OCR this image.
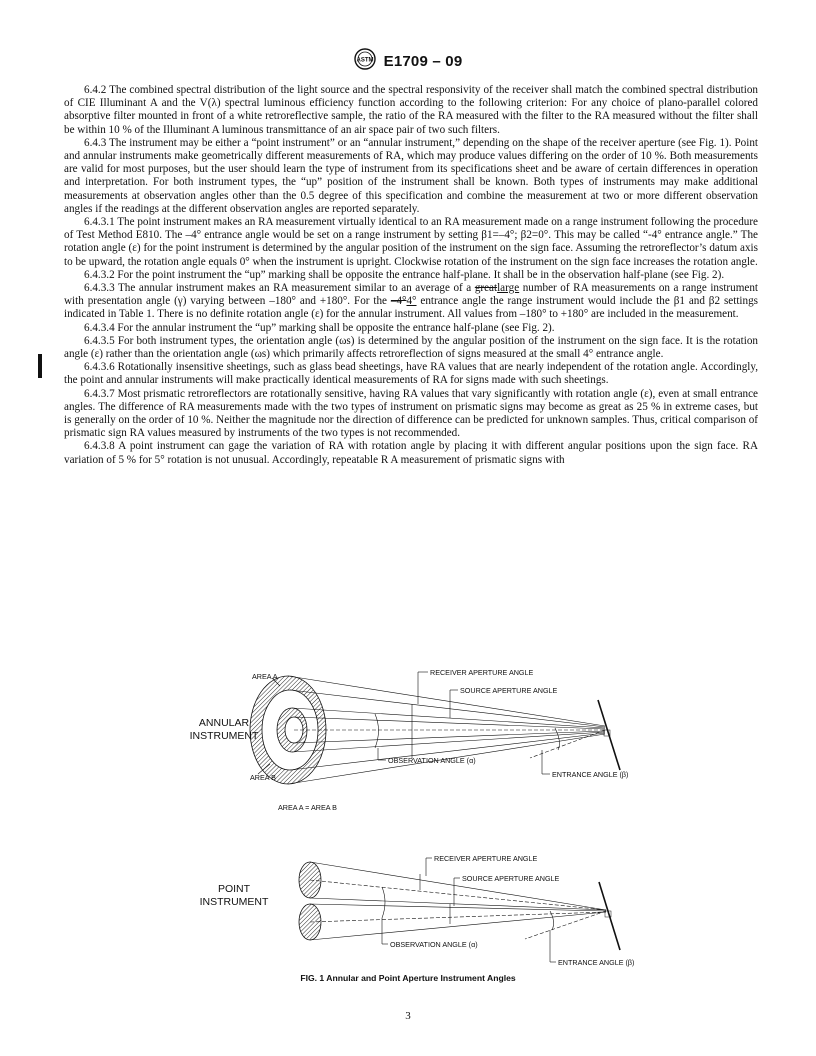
ASTM E1709 – 09

6.4.2 The combined spectral distribution of the light source and the spectral responsivity of the receiver shall match the combined spectral distribution of CIE Illuminant A and the V(λ) spectral luminous efficiency function according to the following criterion: For any choice of plano-parallel colored absorptive filter mounted in front of a white retroreflective sample, the ratio of the RA measured with the filter to the RA measured without the filter shall be within 10 % of the Illuminant A luminous transmittance of an air space pair of two such filters.

6.4.3 The instrument may be either a “point instrument” or an “annular instrument,” depending on the shape of the receiver aperture (see Fig. 1). Point and annular instruments make geometrically different measurements of RA, which may produce values differing on the order of 10 %. Both measurements are valid for most purposes, but the user should learn the type of instrument from its specifications sheet and be aware of certain differences in operation and interpretation. For both instrument types, the “up” position of the instrument shall be known. Both types of instruments may make additional measurements at observation angles other than the 0.5 degree of this specification and combine the measurement at two or more different observation angles if the readings at the different observation angles are reported separately.

6.4.3.1 The point instrument makes an RA measurement virtually identical to an RA measurement made on a range instrument following the procedure of Test Method E810. The –4° entrance angle would be set on a range instrument by setting β1=–4°; β2=0°. This may be called “-4° entrance angle.” The rotation angle (ε) for the point instrument is determined by the angular position of the instrument on the sign face. Assuming the retroreflector’s datum axis to be upward, the rotation angle equals 0° when the instrument is upright. Clockwise rotation of the instrument on the sign face increases the rotation angle.

6.4.3.2 For the point instrument the “up” marking shall be opposite the entrance half-plane. It shall be in the observation half-plane (see Fig. 2).

6.4.3.3 The annular instrument makes an RA measurement similar to an average of a greatlarge number of RA measurements on a range instrument with presentation angle (γ) varying between –180° and +180°. For the –4°4° entrance angle the range instrument would include the β1 and β2 settings indicated in Table 1. There is no definite rotation angle (ε) for the annular instrument. All values from –180° to +180° are included in the measurement.

6.4.3.4 For the annular instrument the “up” marking shall be opposite the entrance half-plane (see Fig. 2).

6.4.3.5 For both instrument types, the orientation angle (ωs) is determined by the angular position of the instrument on the sign face. It is the rotation angle (ε) rather than the orientation angle (ωs) which primarily affects retroreflection of signs measured at the small 4° entrance angle.

6.4.3.6 Rotationally insensitive sheetings, such as glass bead sheetings, have RA values that are nearly independent of the rotation angle. Accordingly, the point and annular instruments will make practically identical measurements of RA for signs made with such sheetings.

6.4.3.7 Most prismatic retroreflectors are rotationally sensitive, having RA values that vary significantly with rotation angle (ε), even at small entrance angles. The difference of RA measurements made with the two types of instrument on prismatic signs may become as great as 25 % in extreme cases, but is generally on the order of 10 %. Neither the magnitude nor the direction of difference can be predicted for unknown samples. Thus, critical comparison of prismatic sign RA values measured by instruments of the two types is not recommended.

6.4.3.8 A point instrument can gage the variation of RA with rotation angle by placing it with different angular positions upon the sign face. RA variation of 5 % for 5° rotation is not unusual. Accordingly, repeatable R A measurement of prismatic signs with

AREA A
AREA B
AREA A = AREA B
ANNULAR
INSTRUMENT
RECEIVER APERTURE ANGLE
SOURCE APERTURE ANGLE
OBSERVATION ANGLE (α)
ENTRANCE ANGLE (β)
POINT
INSTRUMENT
RECEIVER APERTURE ANGLE
SOURCE APERTURE ANGLE
OBSERVATION ANGLE (α)
ENTRANCE ANGLE (β)
FIG. 1 Annular and Point Aperture Instrument Angles
3
